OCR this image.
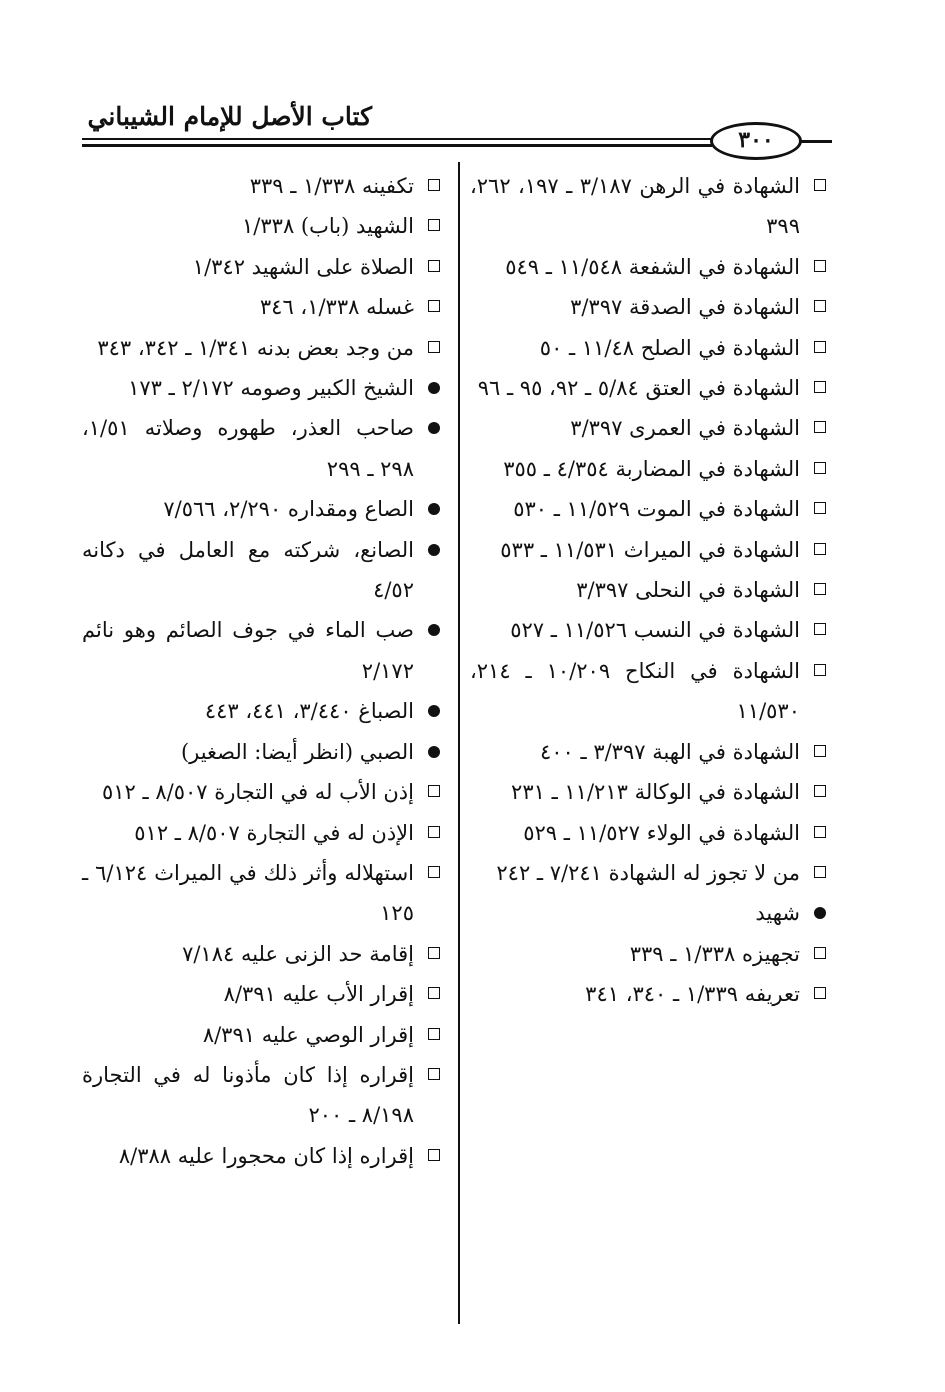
كتاب الأصل للإمام الشيباني
٣٠٠
الشهادة في الرهن ٣/١٨٧ ـ ١٩٧، ٢٦٢، ٣٩٩
الشهادة في الشفعة ١١/٥٤٨ ـ ٥٤٩
الشهادة في الصدقة ٣/٣٩٧
الشهادة في الصلح ١١/٤٨ ـ ٥٠
الشهادة في العتق ٥/٨٤ ـ ٩٢، ٩٥ ـ ٩٦
الشهادة في العمرى ٣/٣٩٧
الشهادة في المضاربة ٤/٣٥٤ ـ ٣٥٥
الشهادة في الموت ١١/٥٢٩ ـ ٥٣٠
الشهادة في الميراث ١١/٥٣١ ـ ٥٣٣
الشهادة في النحلى ٣/٣٩٧
الشهادة في النسب ١١/٥٢٦ ـ ٥٢٧
الشهادة في النكاح ١٠/٢٠٩ ـ ٢١٤، ١١/٥٣٠
الشهادة في الهبة ٣/٣٩٧ ـ ٤٠٠
الشهادة في الوكالة ١١/٢١٣ ـ ٢٣١
الشهادة في الولاء ١١/٥٢٧ ـ ٥٢٩
من لا تجوز له الشهادة ٧/٢٤١ ـ ٢٤٢
شهيد
تجهيزه ١/٣٣٨ ـ ٣٣٩
تعريفه ١/٣٣٩ ـ ٣٤٠، ٣٤١
تكفينه ١/٣٣٨ ـ ٣٣٩
الشهيد (باب) ١/٣٣٨
الصلاة على الشهيد ١/٣٤٢
غسله ١/٣٣٨، ٣٤٦
من وجد بعض بدنه ١/٣٤١ ـ ٣٤٢، ٣٤٣
الشيخ الكبير وصومه ٢/١٧٢ ـ ١٧٣
صاحب العذر، طهوره وصلاته ١/٥١، ٢٩٨ ـ ٢٩٩
الصاع ومقداره ٢/٢٩٠، ٧/٥٦٦
الصانع، شركته مع العامل في دكانه ٤/٥٢
صب الماء في جوف الصائم وهو نائم ٢/١٧٢
الصباغ ٣/٤٤٠، ٤٤١، ٤٤٣
الصبي (انظر أيضا: الصغير)
إذن الأب له في التجارة ٨/٥٠٧ ـ ٥١٢
الإذن له في التجارة ٨/٥٠٧ ـ ٥١٢
استهلاله وأثر ذلك في الميراث ٦/١٢٤ ـ ١٢٥
إقامة حد الزنى عليه ٧/١٨٤
إقرار الأب عليه ٨/٣٩١
إقرار الوصي عليه ٨/٣٩١
إقراره إذا كان مأذونا له في التجارة ٨/١٩٨ ـ ٢٠٠
إقراره إذا كان محجورا عليه ٨/٣٨٨
